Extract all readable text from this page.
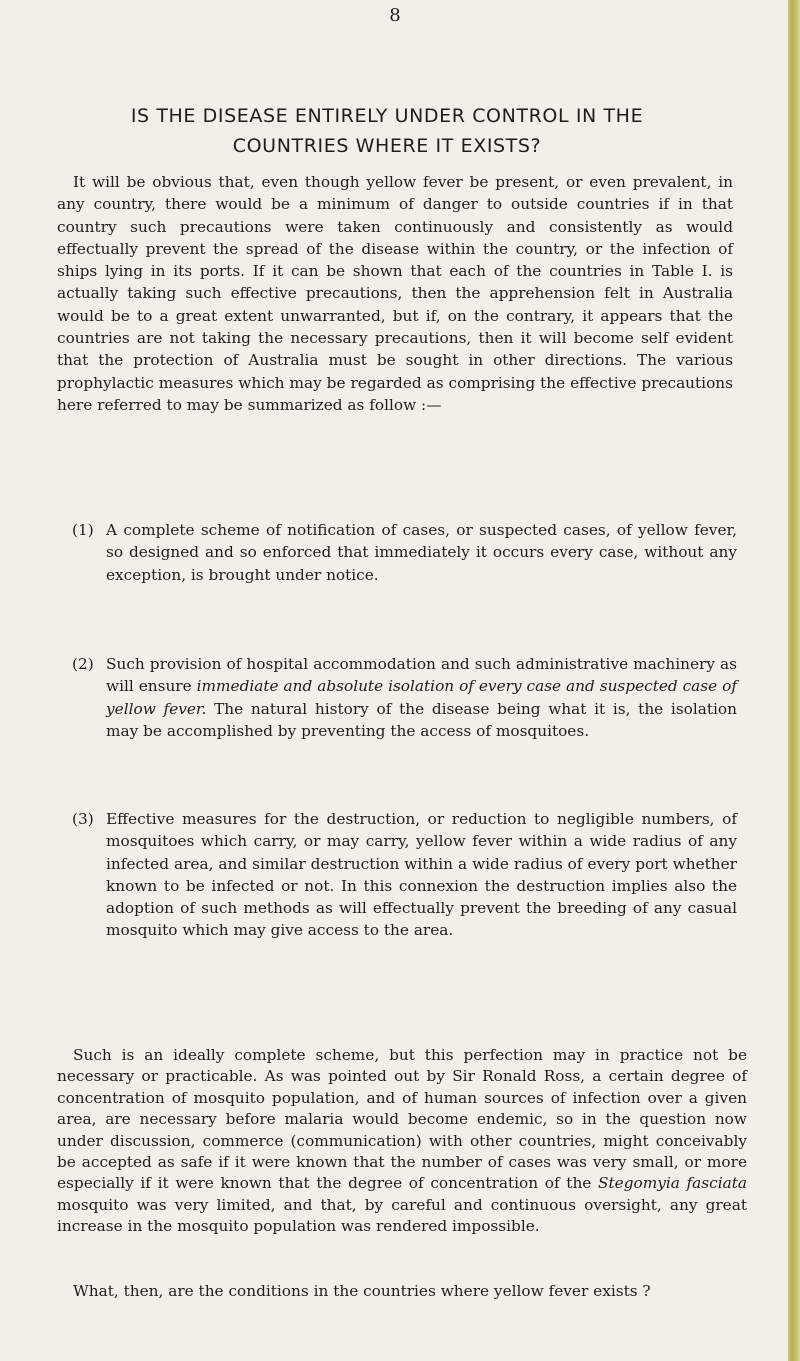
8
IS THE DISEASE ENTIRELY UNDER CONTROL IN THE
COUNTRIES WHERE IT EXISTS?

It will be obvious that, even though yellow fever be present, or even prevalent, in any country, there would be a minimum of danger to outside countries if in that country such precautions were taken continuously and consistently as would effectually prevent the spread of the disease within the country, or the infection of ships lying in its ports. If it can be shown that each of the countries in Table I. is actually taking such effective precautions, then the apprehension felt in Australia would be to a great extent unwarranted, but if, on the contrary, it appears that the countries are not taking the necessary precautions, then it will become self evident that the protection of Australia must be sought in other directions. The various prophylactic measures which may be regarded as comprising the effective precautions here referred to may be summarized as follow :—

(1) A complete scheme of notification of cases, or suspected cases, of yellow fever, so designed and so enforced that immediately it occurs every case, without any exception, is brought under notice.
(2) Such provision of hospital accommodation and such administrative machinery as will ensure immediate and absolute isolation of every case and suspected case of yellow fever. The natural history of the disease being what it is, the isolation may be accomplished by preventing the access of mosquitoes.
(3) Effective measures for the destruction, or reduction to negligible numbers, of mosquitoes which carry, or may carry, yellow fever within a wide radius of any infected area, and similar destruction within a wide radius of every port whether known to be infected or not. In this connexion the destruction implies also the adoption of such methods as will effectually prevent the breeding of any casual mosquito which may give access to the area.

Such is an ideally complete scheme, but this perfection may in practice not be necessary or practicable. As was pointed out by Sir Ronald Ross, a certain degree of concentration of mosquito population, and of human sources of infection over a given area, are necessary before malaria would become endemic, so in the question now under discussion, commerce (communication) with other countries, might conceivably be accepted as safe if it were known that the number of cases was very small, or more especially if it were known that the degree of concentration of the Stegomyia fasciata mosquito was very limited, and that, by careful and continuous oversight, any great increase in the mosquito population was rendered impossible.

What, then, are the conditions in the countries where yellow fever exists ?
